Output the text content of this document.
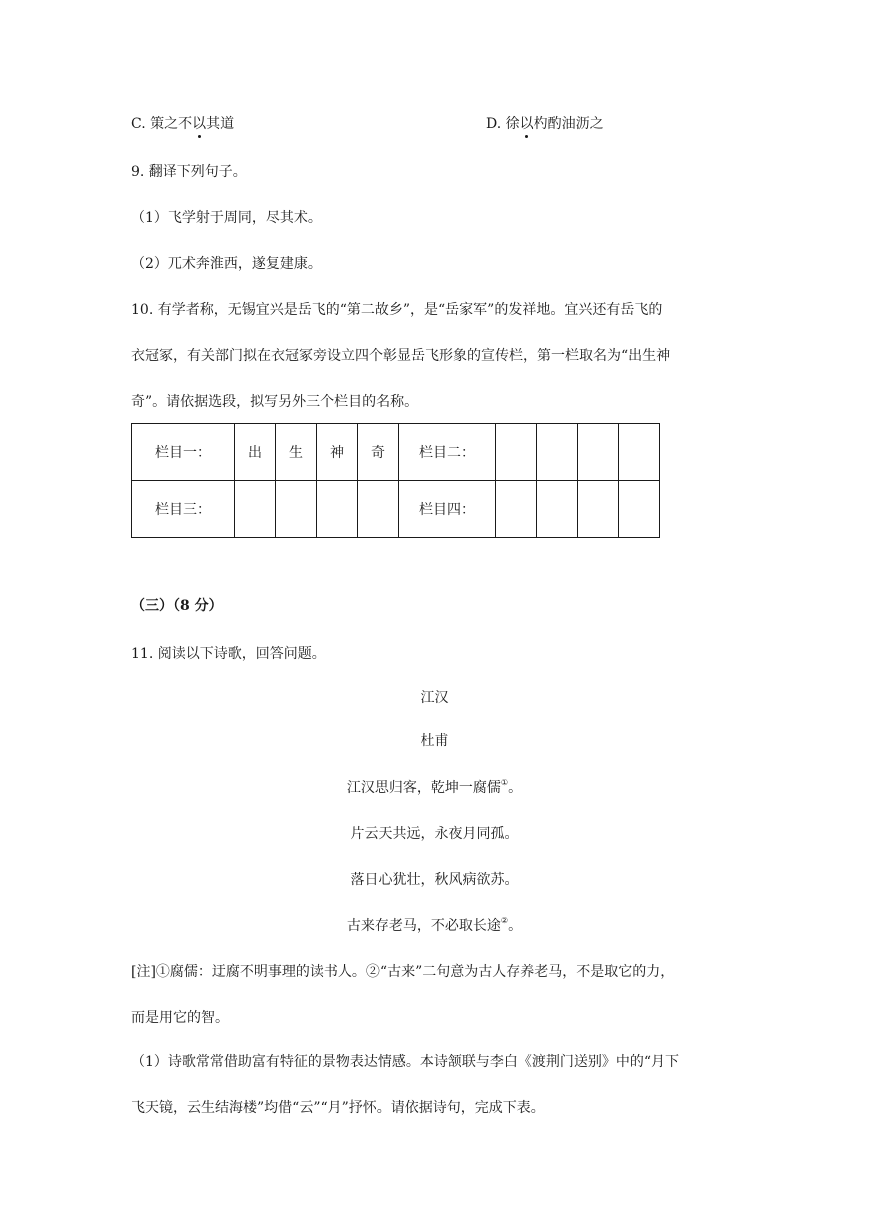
C. 策之不以其道	D. 徐以杓酌油沥之
9. 翻译下列句子。
（1）飞学射于周同，尽其术。
（2）兀术奔淮西，遂复建康。
10. 有学者称，无锡宜兴是岳飞的“第二故乡”，是“岳家军”的发祥地。宜兴还有岳飞的
衣冠冢，有关部门拟在衣冠冢旁设立四个彰显岳飞形象的宣传栏，第一栏取名为“出生神
奇”。请依据选段，拟写另外三个栏目的名称。
栏目一：	出	生	神	奇	栏目二：				
栏目三：					栏目四：				
（三）（8 分）
11. 阅读以下诗歌，回答问题。
江汉
杜甫
江汉思归客，乾坤一腐儒①。
片云天共远，永夜月同孤。
落日心犹壮，秋风病欲苏。
古来存老马，不必取长途②。
[注]①腐儒：迂腐不明事理的读书人。②“古来”二句意为古人存养老马，不是取它的力，
而是用它的智。
（1）诗歌常常借助富有特征的景物表达情感。本诗颔联与李白《渡荆门送别》中的“月下
飞天镜，云生结海楼”均借“云”“月”抒怀。请依据诗句，完成下表。
